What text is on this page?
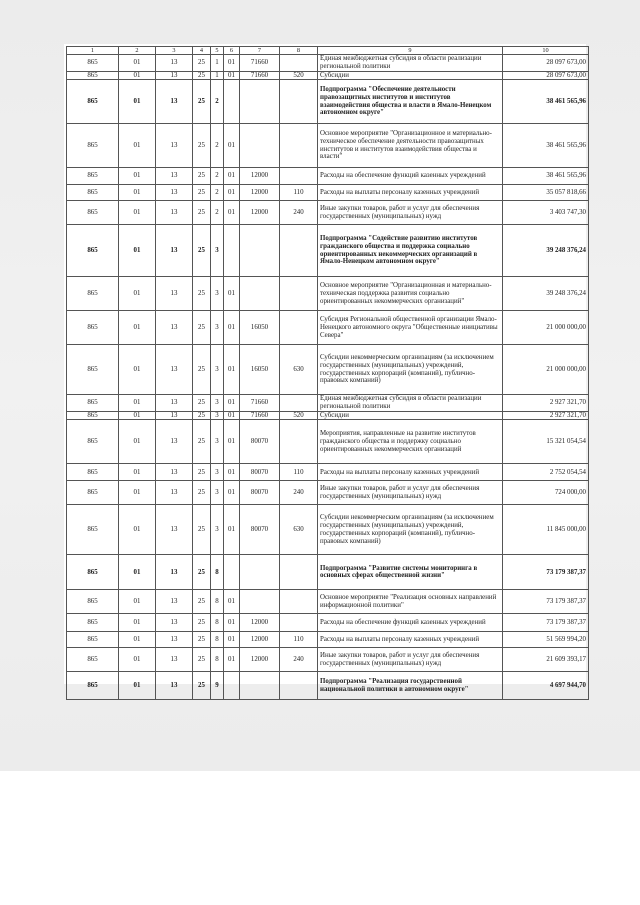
1	2	3	4	5	6	7	8	9	10
865	01	13	25	1	01	71660		Единая межбюджетная субсидия в области реализации региональной политики	28 097 673,00
865	01	13	25	1	01	71660	520	Субсидии	28 097 673,00
865	01	13	25	2				Подпрограмма "Обеспечение деятельности правозащитных институтов и институтов взаимодействия общества и власти в Ямало-Ненецком автономном округе"	38 461 565,96
865	01	13	25	2	01			Основное мероприятие "Организационное и материально-техническое обеспечение деятельности правозащитных институтов и институтов взаимодействия общества и власти"	38 461 565,96
865	01	13	25	2	01	12000		Расходы на обеспечение функций казенных учреждений	38 461 565,96
865	01	13	25	2	01	12000	110	Расходы на выплаты персоналу казенных учреждений	35 057 818,66
865	01	13	25	2	01	12000	240	Иные закупки товаров, работ и услуг для обеспечения государственных (муниципальных) нужд	3 403 747,30
865	01	13	25	3				Подпрограмма "Содействие развитию институтов гражданского общества и поддержка социально ориентированных некоммерческих организаций в Ямало-Ненецком автономном округе"	39 248 376,24
865	01	13	25	3	01			Основное мероприятие "Организационная и материально-техническая поддержка развития социально ориентированных некоммерческих организаций"	39 248 376,24
865	01	13	25	3	01	16050		Субсидия Региональной общественной организации Ямало-Ненецкого автономного округа "Общественные инициативы Севера"	21 000 000,00
865	01	13	25	3	01	16050	630	Субсидии некоммерческим организациям (за исключением государственных (муниципальных) учреждений, государственных корпораций (компаний), публично-правовых компаний)	21 000 000,00
865	01	13	25	3	01	71660		Единая межбюджетная субсидия в области реализации региональной политики	2 927 321,70
865	01	13	25	3	01	71660	520	Субсидии	2 927 321,70
865	01	13	25	3	01	80070		Мероприятия, направленные на развитие институтов гражданского общества и поддержку социально ориентированных некоммерческих организаций	15 321 054,54
865	01	13	25	3	01	80070	110	Расходы на выплаты персоналу казенных учреждений	2 752 054,54
865	01	13	25	3	01	80070	240	Иные закупки товаров, работ и услуг для обеспечения государственных (муниципальных) нужд	724 000,00
865	01	13	25	3	01	80070	630	Субсидии некоммерческим организациям (за исключением государственных (муниципальных) учреждений, государственных корпораций (компаний), публично-правовых компаний)	11 845 000,00
865	01	13	25	8				Подпрограмма "Развитие системы мониторинга в основных сферах общественной жизни"	73 179 387,37
865	01	13	25	8	01			Основное мероприятие "Реализация основных направлений информационной политики"	73 179 387,37
865	01	13	25	8	01	12000		Расходы на обеспечение функций казенных учреждений	73 179 387,37
865	01	13	25	8	01	12000	110	Расходы на выплаты персоналу казенных учреждений	51 569 994,20
865	01	13	25	8	01	12000	240	Иные закупки товаров, работ и услуг для обеспечения государственных (муниципальных) нужд	21 609 393,17
865	01	13	25	9				Подпрограмма "Реализация государственной национальной политики в автономном округе"	4 697 944,70
